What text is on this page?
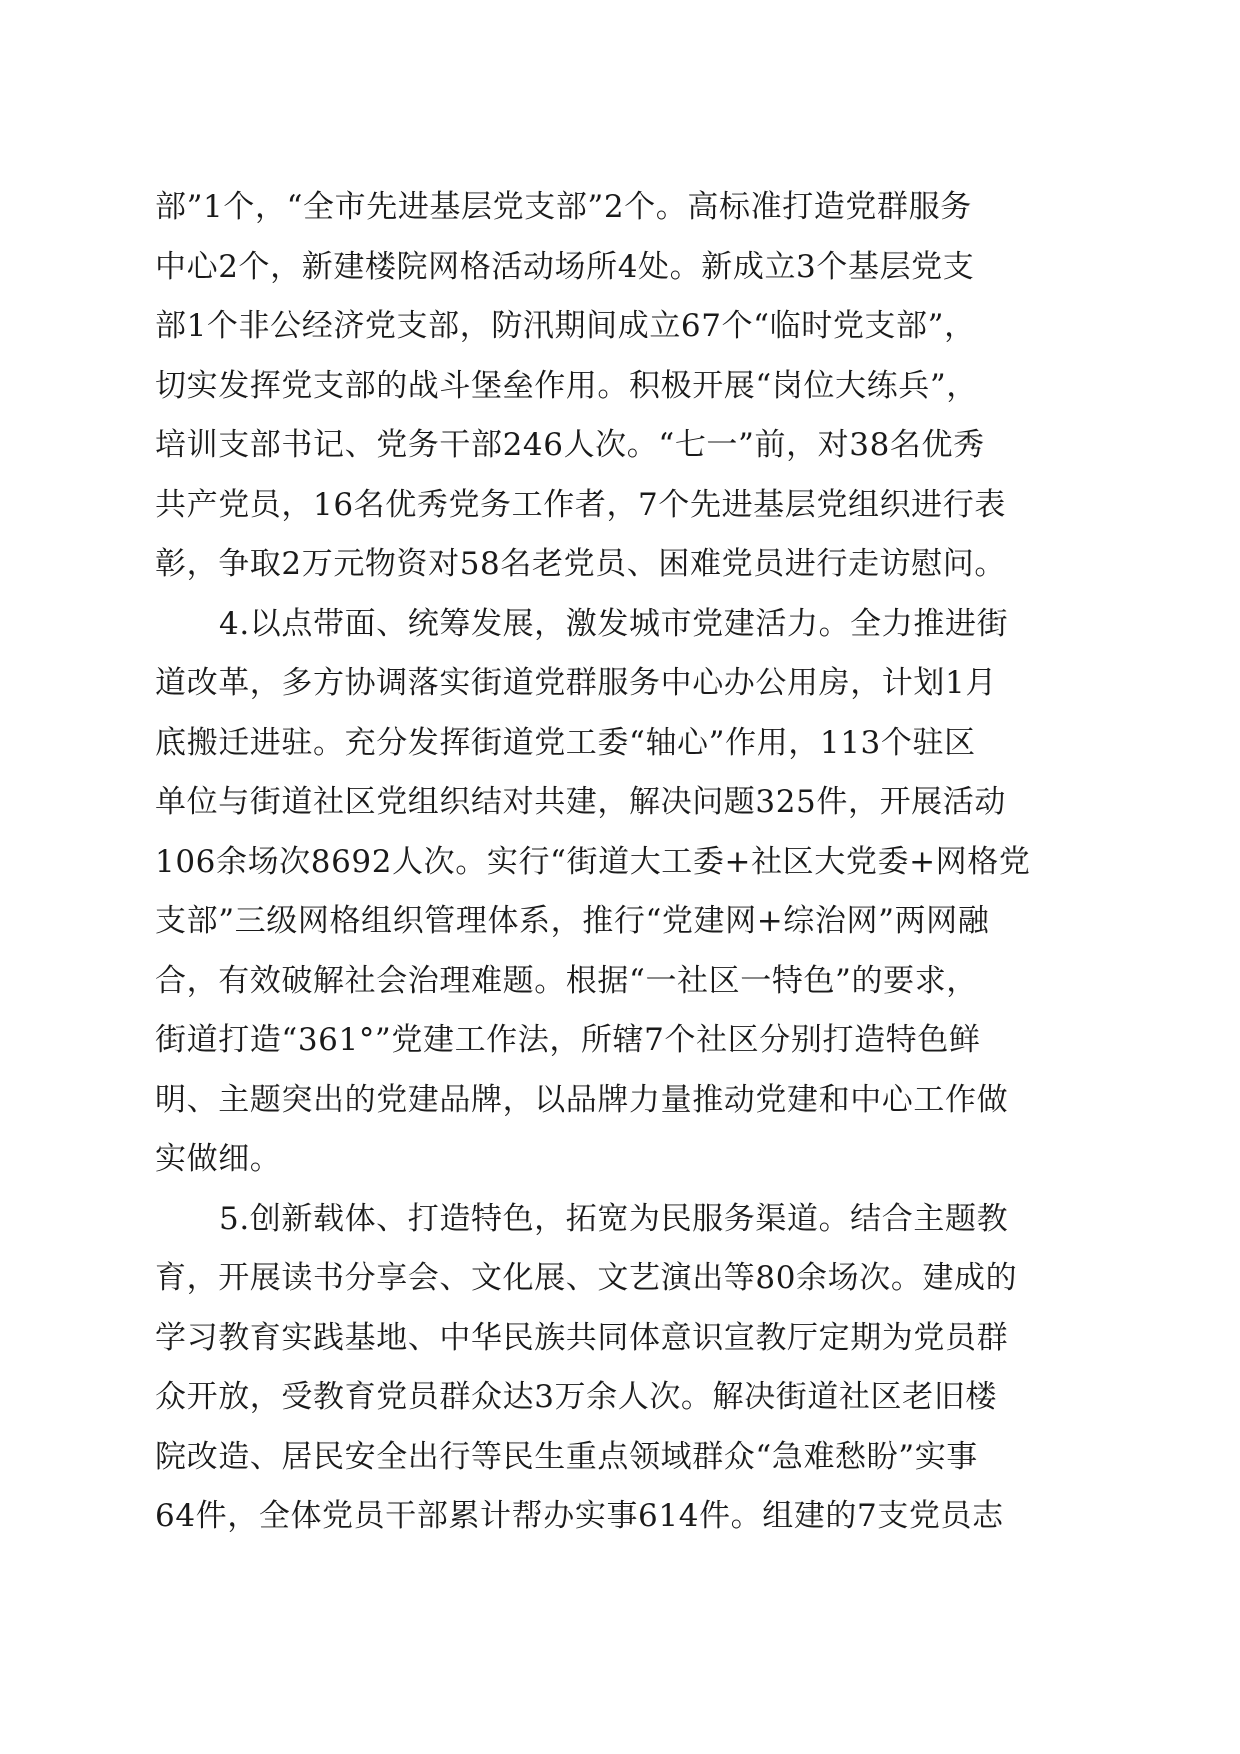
部”1个，“全市先进基层党支部”2个。高标准打造党群服务
中心2个，新建楼院网格活动场所4处。新成立3个基层党支
部1个非公经济党支部，防汛期间成立67个“临时党支部”，
切实发挥党支部的战斗堡垒作用。积极开展“岗位大练兵”，
培训支部书记、党务干部246人次。“七一”前，对38名优秀
共产党员，16名优秀党务工作者，7个先进基层党组织进行表
彰，争取2万元物资对58名老党员、困难党员进行走访慰问。
4.以点带面、统筹发展，激发城市党建活力。全力推进街
道改革，多方协调落实街道党群服务中心办公用房，计划1月
底搬迁进驻。充分发挥街道党工委“轴心”作用，113个驻区
单位与街道社区党组织结对共建，解决问题325件，开展活动
106余场次8692人次。实行“街道大工委+社区大党委+网格党
支部”三级网格组织管理体系，推行“党建网+综治网”两网融
合，有效破解社会治理难题。根据“一社区一特色”的要求，
街道打造“361°”党建工作法，所辖7个社区分别打造特色鲜
明、主题突出的党建品牌，以品牌力量推动党建和中心工作做
实做细。
5.创新载体、打造特色，拓宽为民服务渠道。结合主题教
育，开展读书分享会、文化展、文艺演出等80余场次。建成的
学习教育实践基地、中华民族共同体意识宣教厅定期为党员群
众开放，受教育党员群众达3万余人次。解决街道社区老旧楼
院改造、居民安全出行等民生重点领域群众“急难愁盼”实事
64件，全体党员干部累计帮办实事614件。组建的7支党员志
